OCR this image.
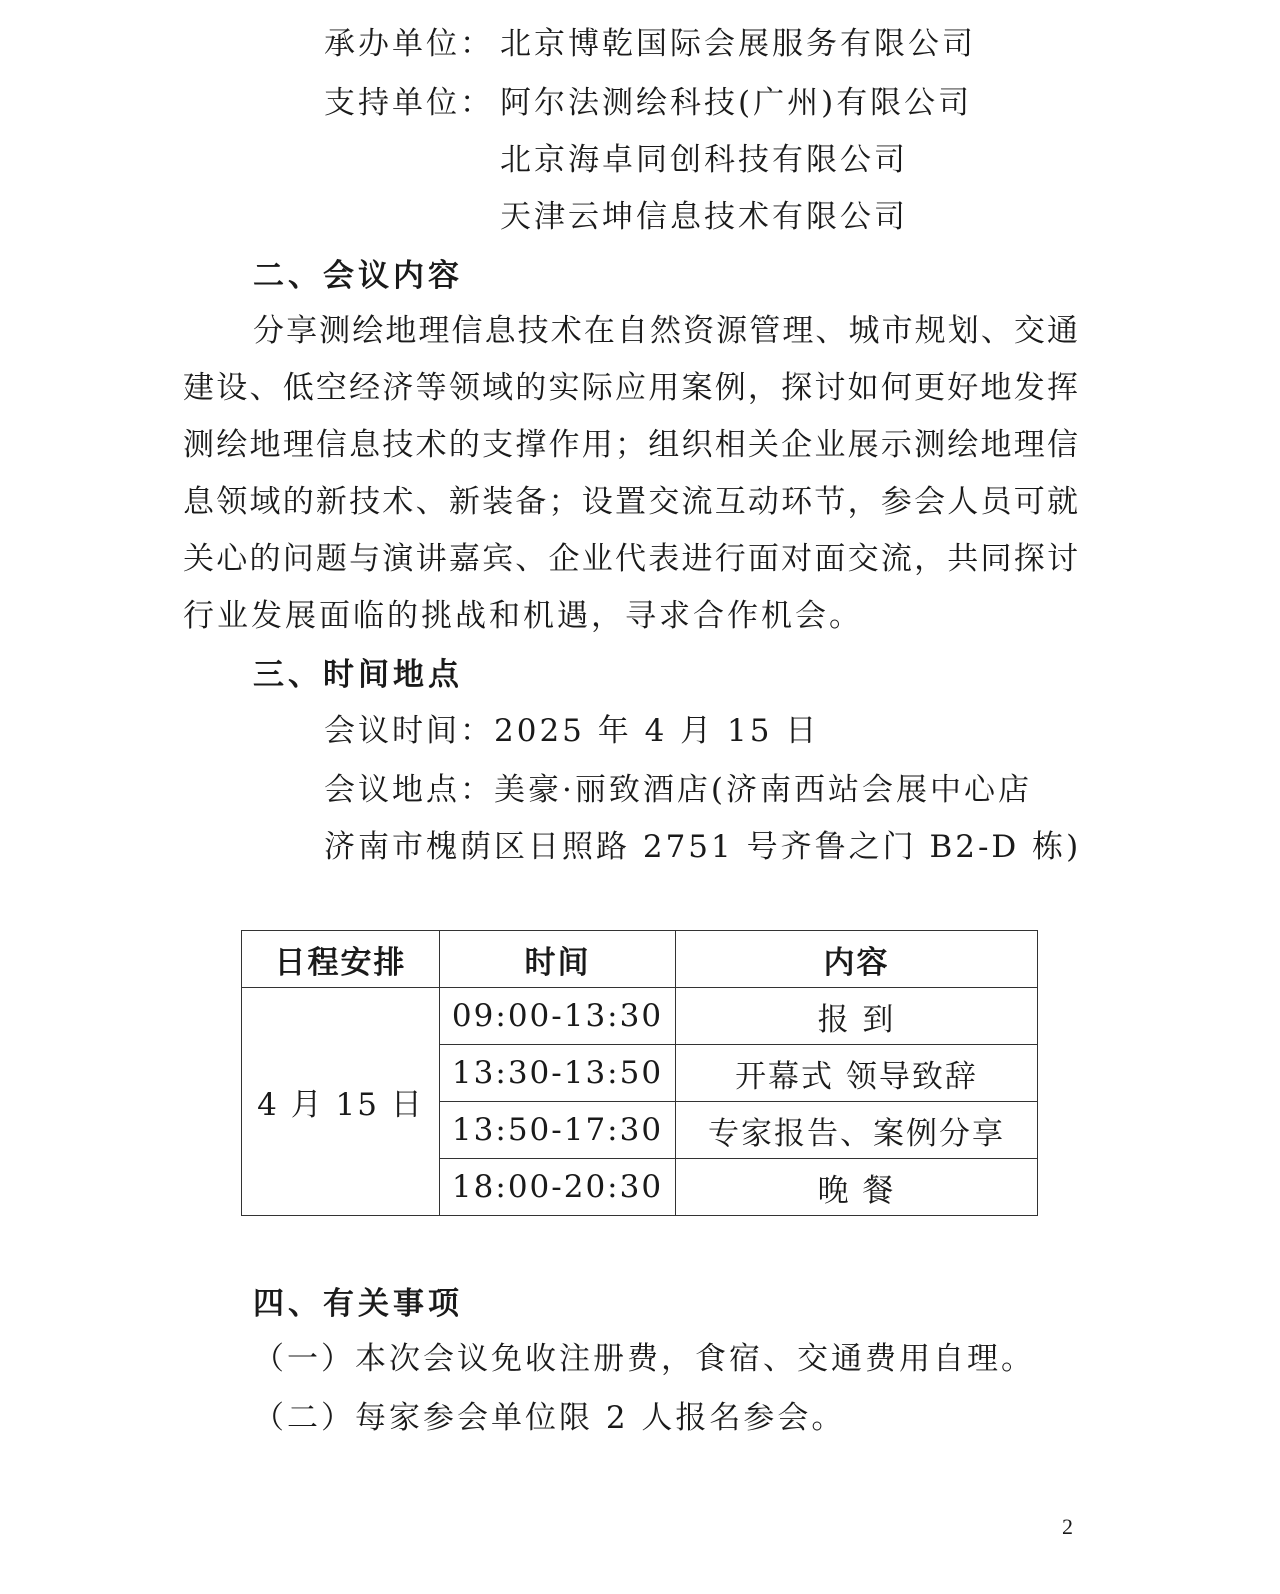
承办单位： 北京博乾国际会展服务有限公司
支持单位： 阿尔法测绘科技(广州)有限公司
北京海卓同创科技有限公司
天津云坤信息技术有限公司
二、会议内容
分享测绘地理信息技术在自然资源管理、城市规划、交通
建设、低空经济等领域的实际应用案例，探讨如何更好地发挥
测绘地理信息技术的支撑作用；组织相关企业展示测绘地理信
息领域的新技术、新装备；设置交流互动环节，参会人员可就
关心的问题与演讲嘉宾、企业代表进行面对面交流，共同探讨
行业发展面临的挑战和机遇，寻求合作机会。
三、时间地点
会议时间：2025 年 4 月 15 日
会议地点：美豪·丽致酒店(济南西站会展中心店
济南市槐荫区日照路 2751 号齐鲁之门 B2-D 栋)
日程安排	时间	内容
4 月 15 日	09:00-13:30	报 到
	13:30-13:50	开幕式 领导致辞
	13:50-17:30	专家报告、案例分享
	18:00-20:30	晚 餐
四、有关事项
（一）本次会议免收注册费，食宿、交通费用自理。
（二）每家参会单位限 2 人报名参会。
2
